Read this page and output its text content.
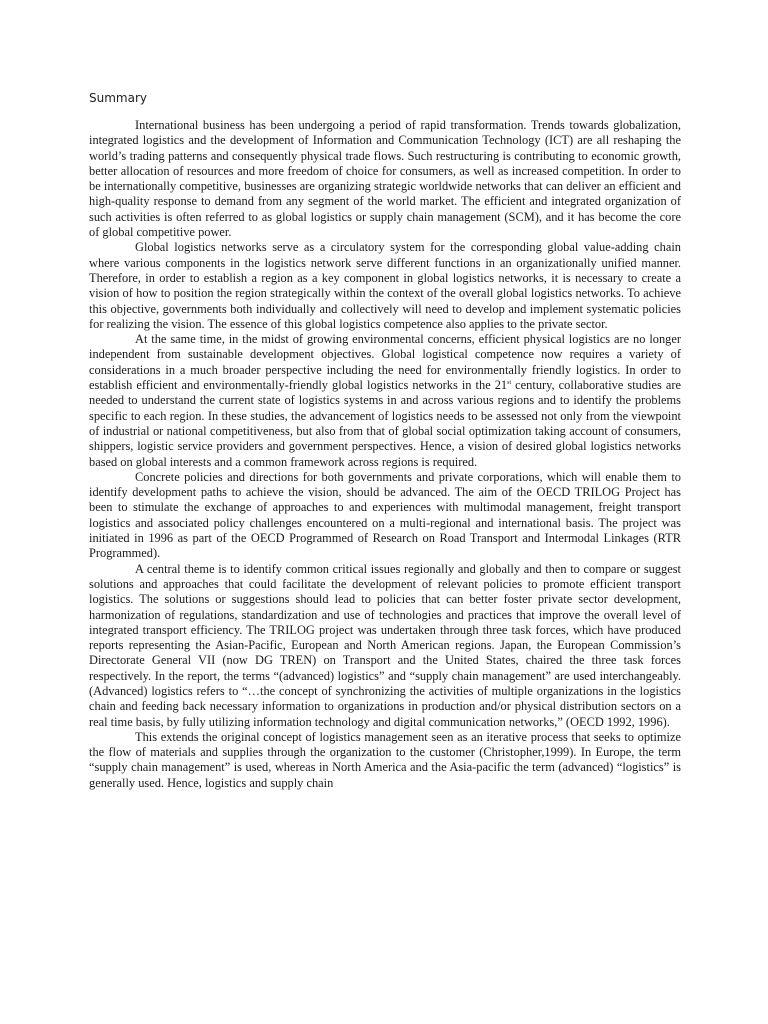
Summary

International business has been undergoing a period of rapid transformation. Trends towards globalization, integrated logistics and the development of Information and Communication Technology (ICT) are all reshaping the world’s trading patterns and consequently physical trade flows. Such restructuring is contributing to economic growth, better allocation of resources and more freedom of choice for consumers, as well as increased competition. In order to be internationally competitive, businesses are organizing strategic worldwide networks that can deliver an efficient and high-quality response to demand from any segment of the world market. The efficient and integrated organization of such activities is often referred to as global logistics or supply chain management (SCM), and it has become the core of global competitive power.

Global logistics networks serve as a circulatory system for the corresponding global value-adding chain where various components in the logistics network serve different functions in an organizationally unified manner. Therefore, in order to establish a region as a key component in global logistics networks, it is necessary to create a vision of how to position the region strategically within the context of the overall global logistics networks. To achieve this objective, governments both individually and collectively will need to develop and implement systematic policies for realizing the vision. The essence of this global logistics competence also applies to the private sector.

At the same time, in the midst of growing environmental concerns, efficient physical logistics are no longer independent from sustainable development objectives. Global logistical competence now requires a variety of considerations in a much broader perspective including the need for environmentally friendly logistics. In order to establish efficient and environmentally-friendly global logistics networks in the 21st century, collaborative studies are needed to understand the current state of logistics systems in and across various regions and to identify the problems specific to each region. In these studies, the advancement of logistics needs to be assessed not only from the viewpoint of industrial or national competitiveness, but also from that of global social optimization taking account of consumers, shippers, logistic service providers and government perspectives. Hence, a vision of desired global logistics networks based on global interests and a common framework across regions is required.

Concrete policies and directions for both governments and private corporations, which will enable them to identify development paths to achieve the vision, should be advanced. The aim of the OECD TRILOG Project has been to stimulate the exchange of approaches to and experiences with multimodal management, freight transport logistics and associated policy challenges encountered on a multi-regional and international basis. The project was initiated in 1996 as part of the OECD Programmed of Research on Road Transport and Intermodal Linkages (RTR Programmed).

A central theme is to identify common critical issues regionally and globally and then to compare or suggest solutions and approaches that could facilitate the development of relevant policies to promote efficient transport logistics. The solutions or suggestions should lead to policies that can better foster private sector development, harmonization of regulations, standardization and use of technologies and practices that improve the overall level of integrated transport efficiency. The TRILOG project was undertaken through three task forces, which have produced reports representing the Asian-Pacific, European and North American regions. Japan, the European Commission’s Directorate General VII (now DG TREN) on Transport and the United States, chaired the three task forces respectively. In the report, the terms “(advanced) logistics” and “supply chain management” are used interchangeably. (Advanced) logistics refers to “…the concept of synchronizing the activities of multiple organizations in the logistics chain and feeding back necessary information to organizations in production and/or physical distribution sectors on a real time basis, by fully utilizing information technology and digital communication networks,” (OECD 1992, 1996).

This extends the original concept of logistics management seen as an iterative process that seeks to optimize the flow of materials and supplies through the organization to the customer (Christopher,1999). In Europe, the term “supply chain management” is used, whereas in North America and the Asia-pacific the term (advanced) “logistics” is generally used. Hence, logistics and supply chain
